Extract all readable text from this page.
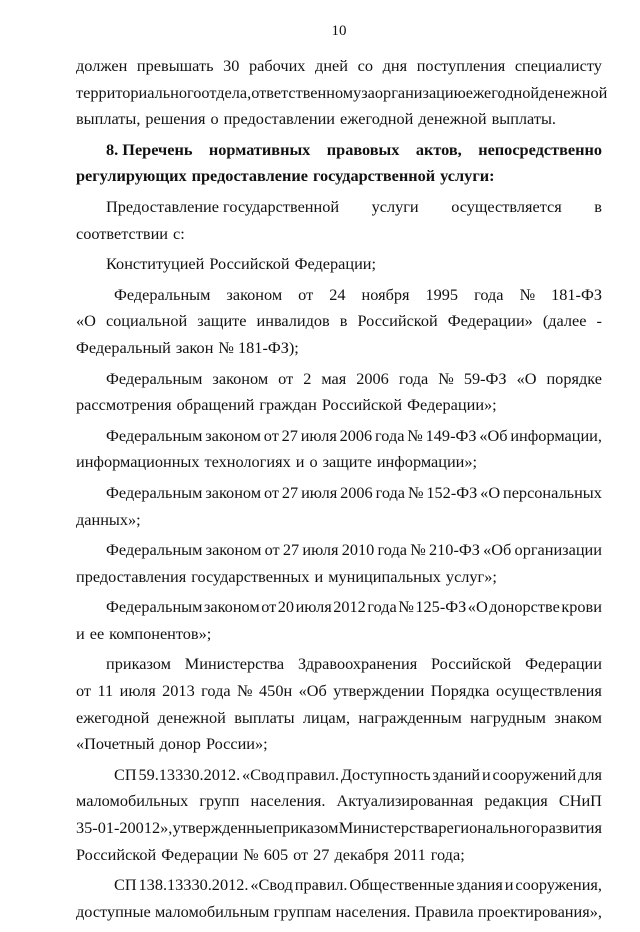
10
должен превышать 30 рабочих дней со дня поступления специалисту
территориального отдела, ответственному за организацию ежегодной денежной
выплаты, решения о предоставлении ежегодной денежной выплаты.
8. Перечень нормативных правовых актов, непосредственно
регулирующих предоставление государственной услуги:
Предоставление государственной услуги осуществляется в
соответствии с:
Конституцией Российской Федерации;
Федеральным законом от 24 ноября 1995 года № 181-ФЗ
«О социальной защите инвалидов в Российской Федерации» (далее -
Федеральный закон № 181-ФЗ);
Федеральным законом от 2 мая 2006 года № 59-ФЗ «О порядке
рассмотрения обращений граждан Российской Федерации»;
Федеральным законом от 27 июля 2006 года № 149-ФЗ «Об информации,
информационных технологиях и о защите информации»;
Федеральным законом от 27 июля 2006 года № 152-ФЗ «О персональных
данных»;
Федеральным законом от 27 июля 2010 года № 210-ФЗ «Об организации
предоставления государственных и муниципальных услуг»;
Федеральным законом от 20 июля 2012 года № 125-ФЗ «О донорстве крови
и ее компонентов»;
приказом Министерства Здравоохранения Российской Федерации
от 11 июля 2013 года № 450н «Об утверждении Порядка осуществления
ежегодной денежной выплаты лицам, награжденным нагрудным знаком
«Почетный донор России»;
СП 59.13330.2012. «Свод правил. Доступность зданий и сооружений для
маломобильных групп населения. Актуализированная редакция СНиП
35-01-20012», утвержденные приказом Министерства регионального развития
Российской Федерации № 605 от 27 декабря 2011 года;
СП 138.13330.2012. «Свод правил. Общественные здания и сооружения,
доступные маломобильным группам населения. Правила проектирования»,
